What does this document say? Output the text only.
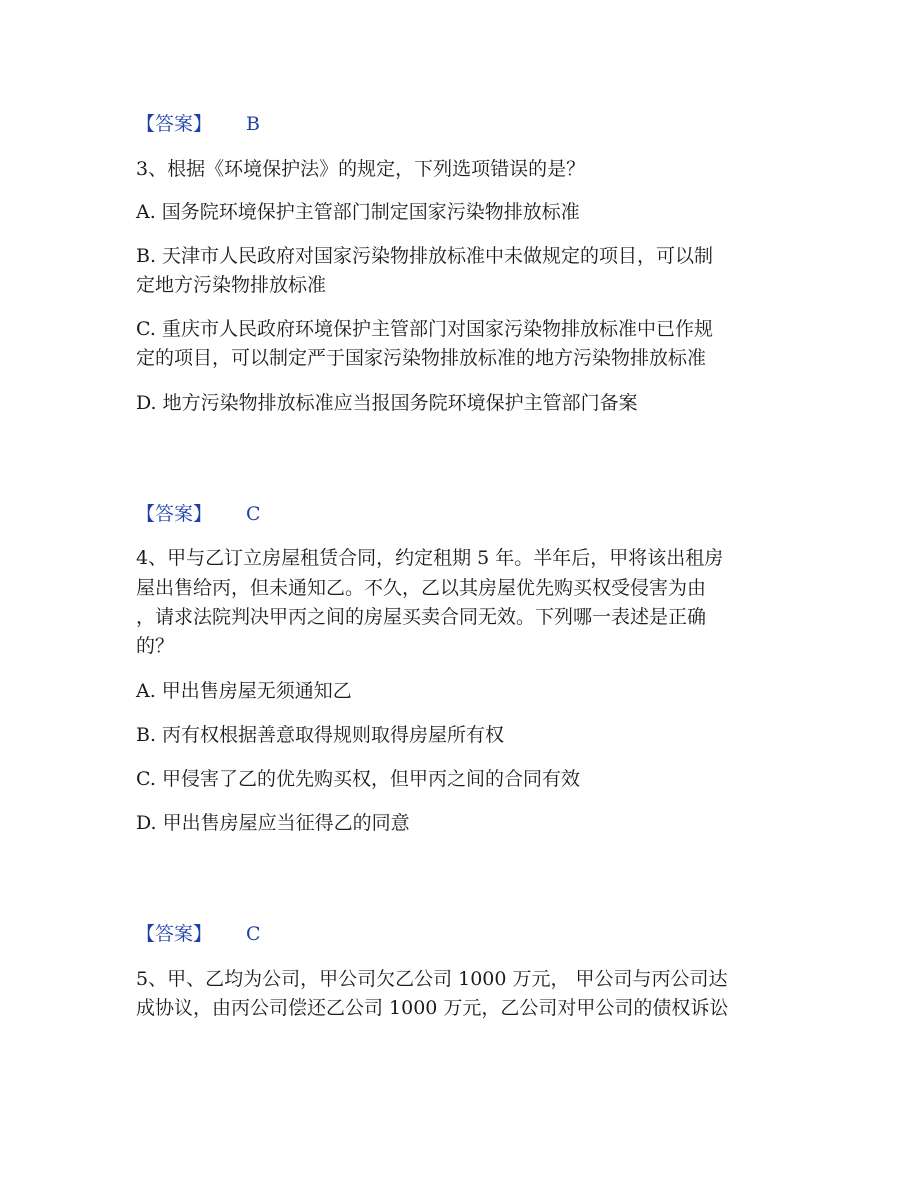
【答案】 B
3、根据《环境保护法》的规定，下列选项错误的是？
A. 国务院环境保护主管部门制定国家污染物排放标准
B. 天津市人民政府对国家污染物排放标准中未做规定的项目，可以制
定地方污染物排放标准
C. 重庆市人民政府环境保护主管部门对国家污染物排放标准中已作规
定的项目，可以制定严于国家污染物排放标准的地方污染物排放标准
D. 地方污染物排放标准应当报国务院环境保护主管部门备案
【答案】 C
4、甲与乙订立房屋租赁合同，约定租期 5 年。半年后，甲将该出租房
屋出售给丙，但未通知乙。不久，乙以其房屋优先购买权受侵害为由
，请求法院判决甲丙之间的房屋买卖合同无效。下列哪一表述是正确
的？
A. 甲出售房屋无须通知乙
B. 丙有权根据善意取得规则取得房屋所有权
C. 甲侵害了乙的优先购买权，但甲丙之间的合同有效
D. 甲出售房屋应当征得乙的同意
【答案】 C
5、甲、乙均为公司，甲公司欠乙公司 1000 万元， 甲公司与丙公司达
成协议，由丙公司偿还乙公司 1000 万元，乙公司对甲公司的债权诉讼
